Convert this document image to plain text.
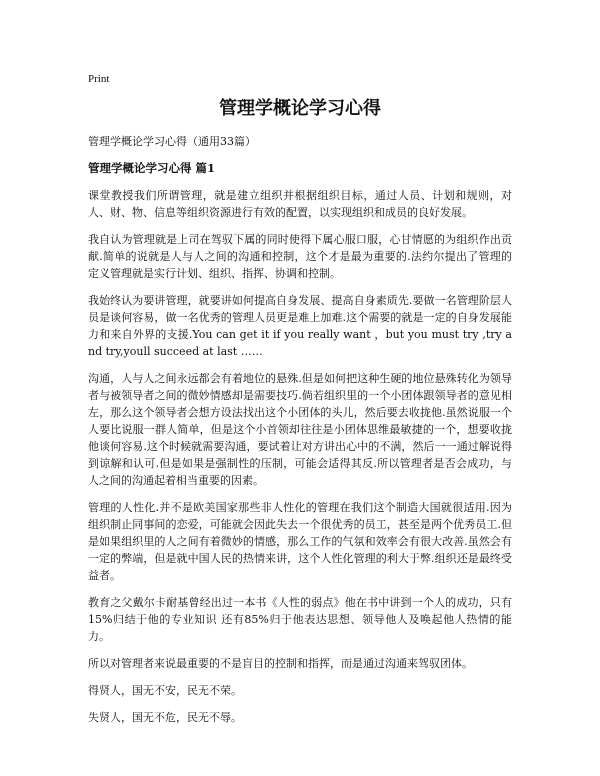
Print
管理学概论学习心得

管理学概论学习心得（通用33篇）

管理学概论学习心得 篇1

课堂教授我们所谓管理，就是建立组织并根据组织目标，通过人员、计划和规则，对人、财、物、信息等组织资源进行有效的配置，以实现组织和成员的良好发展。

我自认为管理就是上司在驾驭下属的同时使得下属心服口服，心甘情愿的为组织作出贡献.简单的说就是人与人之间的沟通和控制，这个才是最为重要的.法约尔提出了管理的定义管理就是实行计划、组织、指挥、协调和控制。

我始终认为要讲管理，就要讲如何提高自身发展、提高自身素质先.要做一名管理阶层人员是谈何容易，做一名优秀的管理人员更是难上加难.这个需要的就是一定的自身发展能力和来自外界的支援.You can get it if you really want ，but you must try ,try and try,youll succeed at last ……

沟通，人与人之间永远都会有着地位的悬殊.但是如何把这种生硬的地位悬殊转化为领导者与被领导者之间的微妙情感却是需要技巧.倘若组织里的一个小团体跟领导者的意见相左，那么这个领导者会想方设法找出这个小团体的头儿，然后要去收拢他.虽然说服一个人要比说服一群人简单，但是这个小首领却往往是小团体思维最敏捷的一个，想要收拢他谈何容易.这个时候就需要沟通，要试着让对方讲出心中的不满，然后一一通过解说得到谅解和认可.但是如果是强制性的压制，可能会适得其反.所以管理者是否会成功，与人之间的沟通起着相当重要的因素。

管理的人性化.并不是欧美国家那些非人性化的管理在我们这个制造大国就很适用.因为组织制止同事间的恋爱，可能就会因此失去一个很优秀的员工，甚至是两个优秀员工.但是如果组织里的人之间有着微妙的情感，那么工作的气氛和效率会有很大改善.虽然会有一定的弊端，但是就中国人民的热情来讲，这个人性化管理的利大于弊.组织还是最终受益者。

教育之父戴尔卡耐基曾经出过一本书《人性的弱点》他在书中讲到一个人的成功，只有15%归结于他的专业知识 还有85%归于他表达思想、领导他人及唤起他人热情的能力。

所以对管理者来说最重要的不是盲目的控制和指挥，而是通过沟通来驾驭团体。

得贤人，国无不安，民无不荣。

失贤人，国无不危，民无不辱。
